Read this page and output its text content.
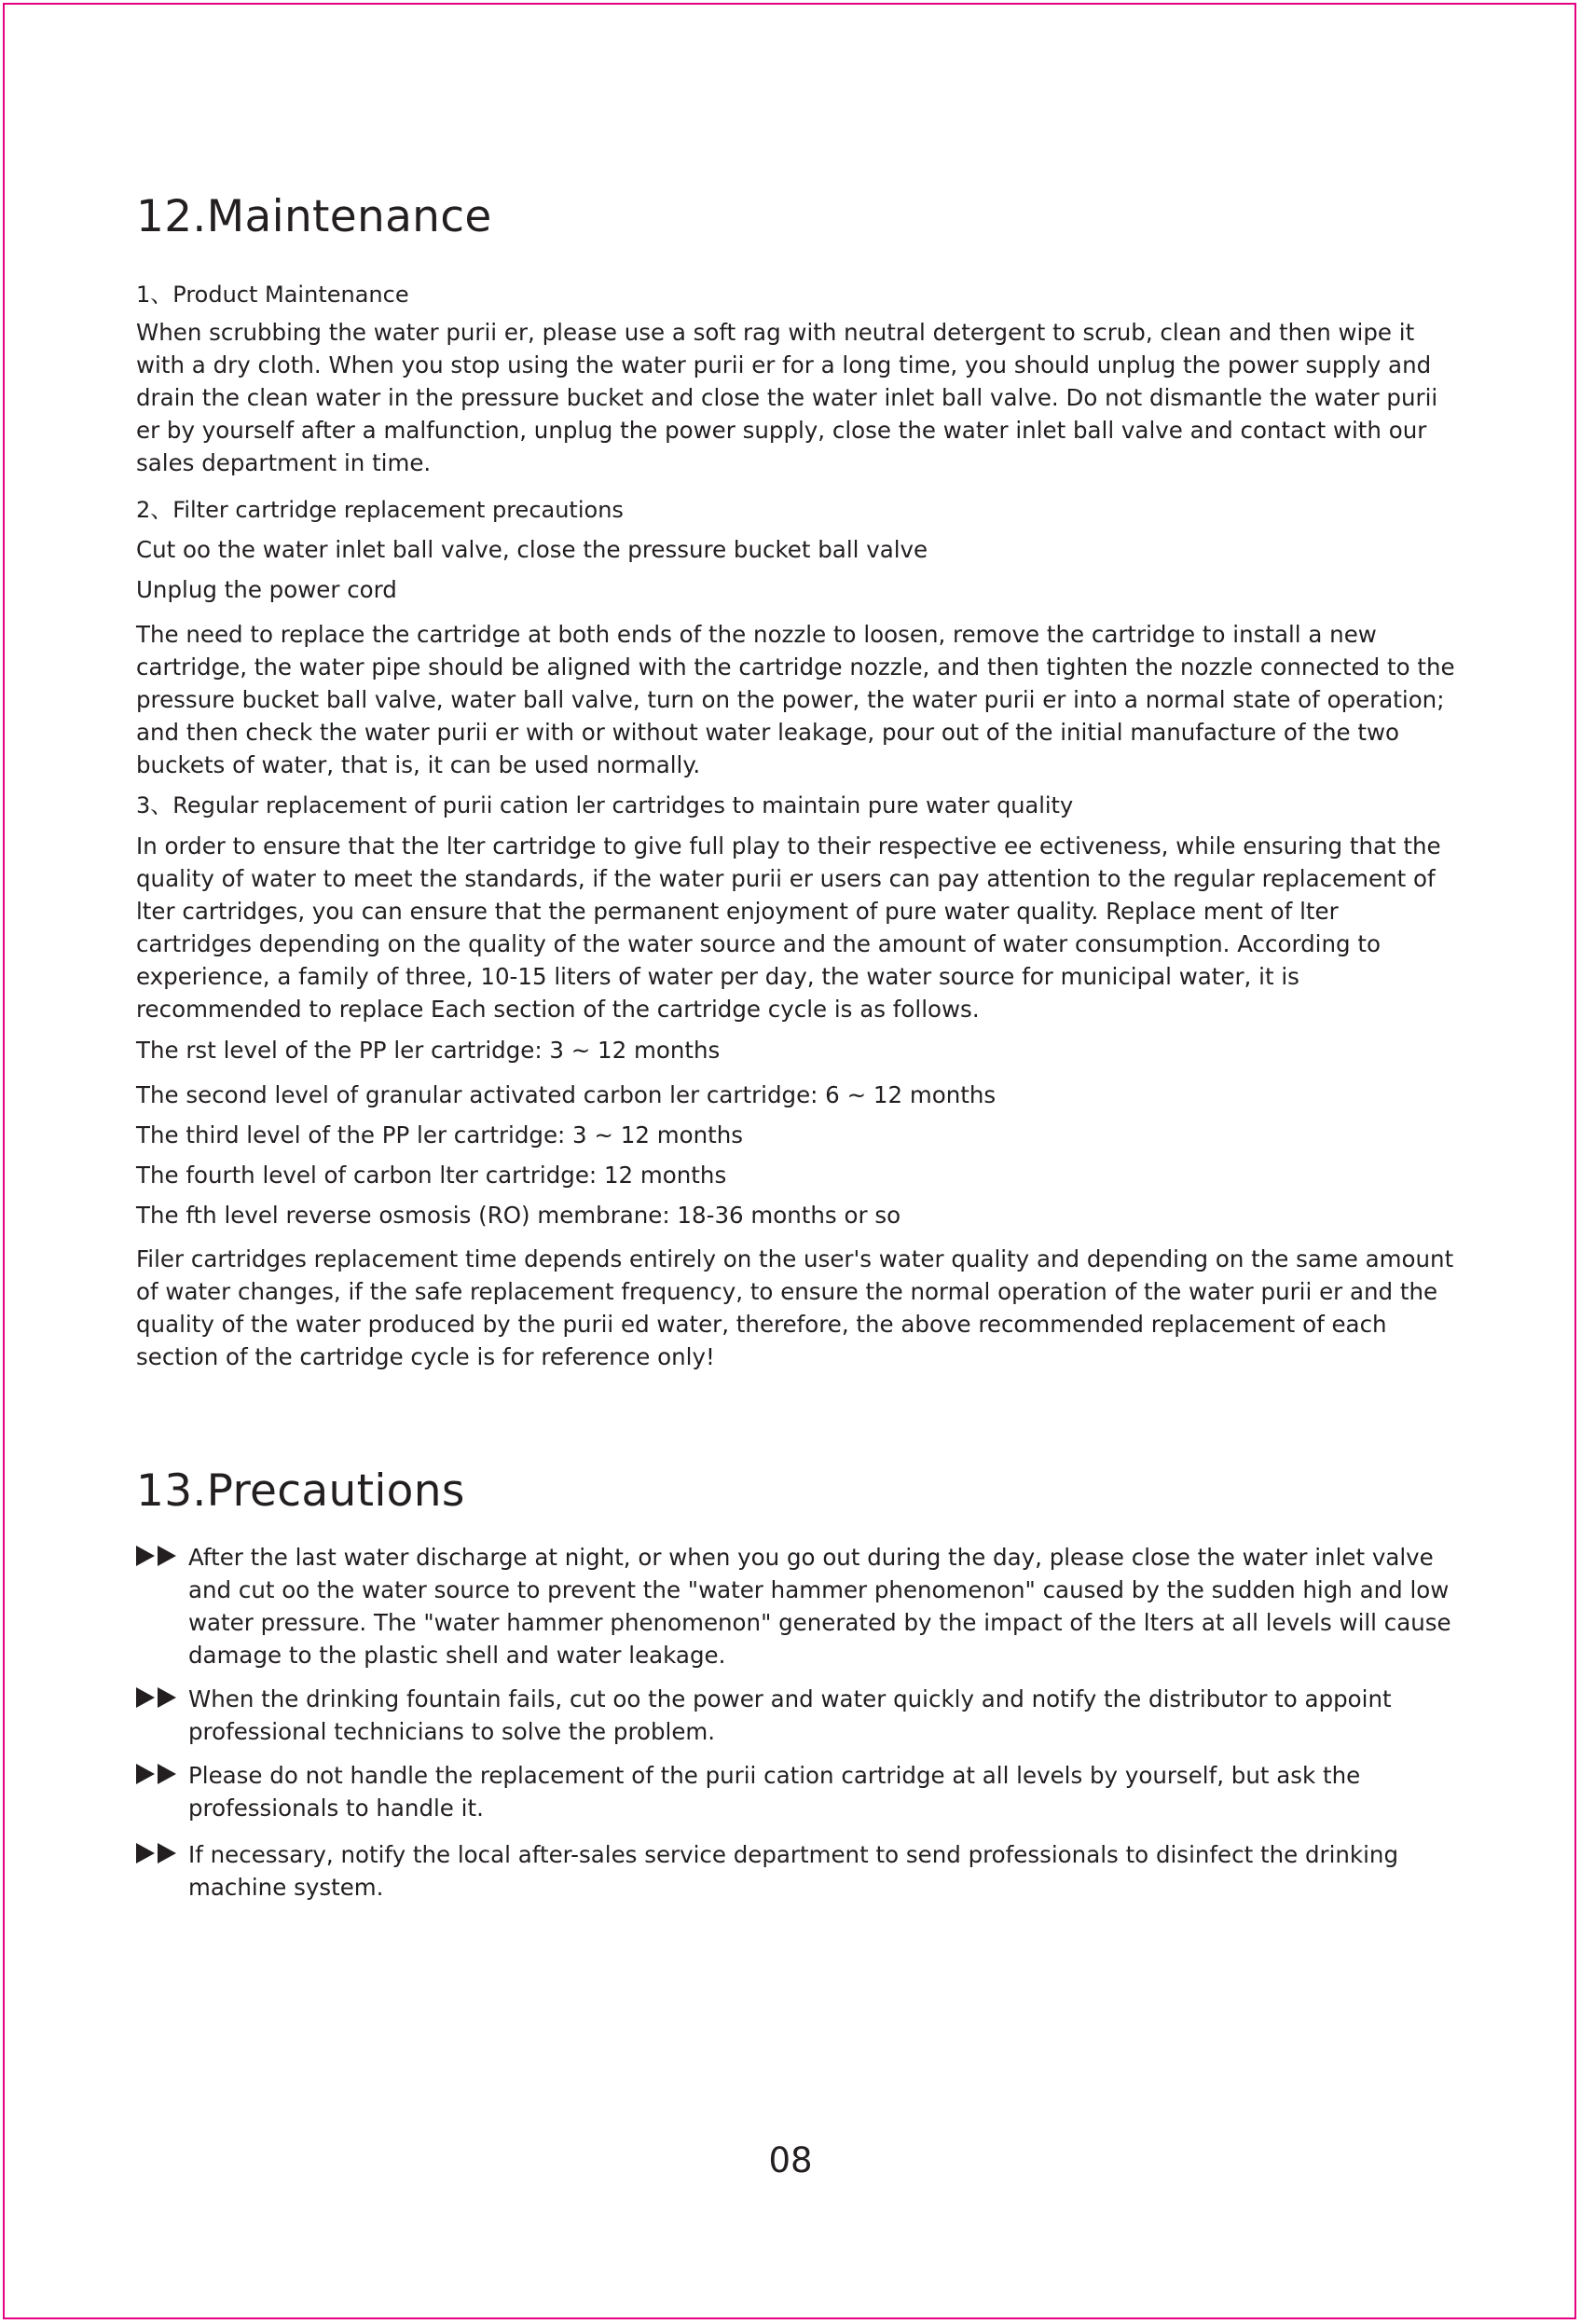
12.Maintenance
1、Product Maintenance

When scrubbing the water purii er, please use a soft rag with neutral detergent to scrub, clean and then wipe it with a dry cloth. When you stop using the water purii er for a long time, you should unplug the power supply and drain the clean water in the pressure bucket and close the water inlet ball valve. Do not dismantle the water purii er by yourself after a malfunction, unplug the power supply, close the water inlet ball valve and contact with our sales department in time.

2、Filter cartridge replacement precautions
Cut oo the water inlet ball valve, close the pressure bucket ball valve
Unplug the power cord

The need to replace the cartridge at both ends of the nozzle to loosen, remove the cartridge to install a new cartridge, the water pipe should be aligned with the cartridge nozzle, and then tighten the nozzle connected to the pressure bucket ball valve, water ball valve, turn on the power, the water purii er into a normal state of operation; and then check the water purii er with or without water leakage, pour out of the initial manufacture of the two buckets of water, that is, it can be used normally.

3、Regular replacement of purii cation ler cartridges to maintain pure water quality

In order to ensure that the lter cartridge to give full play to their respective ee ectiveness, while ensuring that the quality of water to meet the standards, if the water purii er users can pay attention to the regular replacement of lter cartridges, you can ensure that the permanent enjoyment of pure water quality. Replace ment of lter cartridges depending on the quality of the water source and the amount of water consumption. According to experience, a family of three, 10-15 liters of water per day, the water source for municipal water, it is recommended to replace Each section of the cartridge cycle is as follows.

The rst level of the PP ler cartridge: 3 ~ 12 months
The second level of granular activated carbon ler cartridge: 6 ~ 12 months
The third level of the PP ler cartridge: 3 ~ 12 months
The fourth level of carbon lter cartridge: 12 months
The fth level reverse osmosis (RO) membrane: 18-36 months or so

Filer cartridges replacement time depends entirely on the user's water quality and depending on the same amount of water changes, if the safe replacement frequency, to ensure the normal operation of the water purii er and the quality of the water produced by the purii ed water, therefore, the above recommended replacement of each section of the cartridge cycle is for reference only!

13.Precautions

After the last water discharge at night, or when you go out during the day, please close the water inlet valve and cut oo the water source to prevent the "water hammer phenomenon" caused by the sudden high and low water pressure. The "water hammer phenomenon" generated by the impact of the lters at all levels will cause damage to the plastic shell and water leakage.

When the drinking fountain fails, cut oo the power and water quickly and notify the distributor to appoint professional technicians to solve the problem.

Please do not handle the replacement of the purii cation cartridge at all levels by yourself, but ask the professionals to handle it.

If necessary, notify the local after-sales service department to send professionals to disinfect the drinking machine system.

08
